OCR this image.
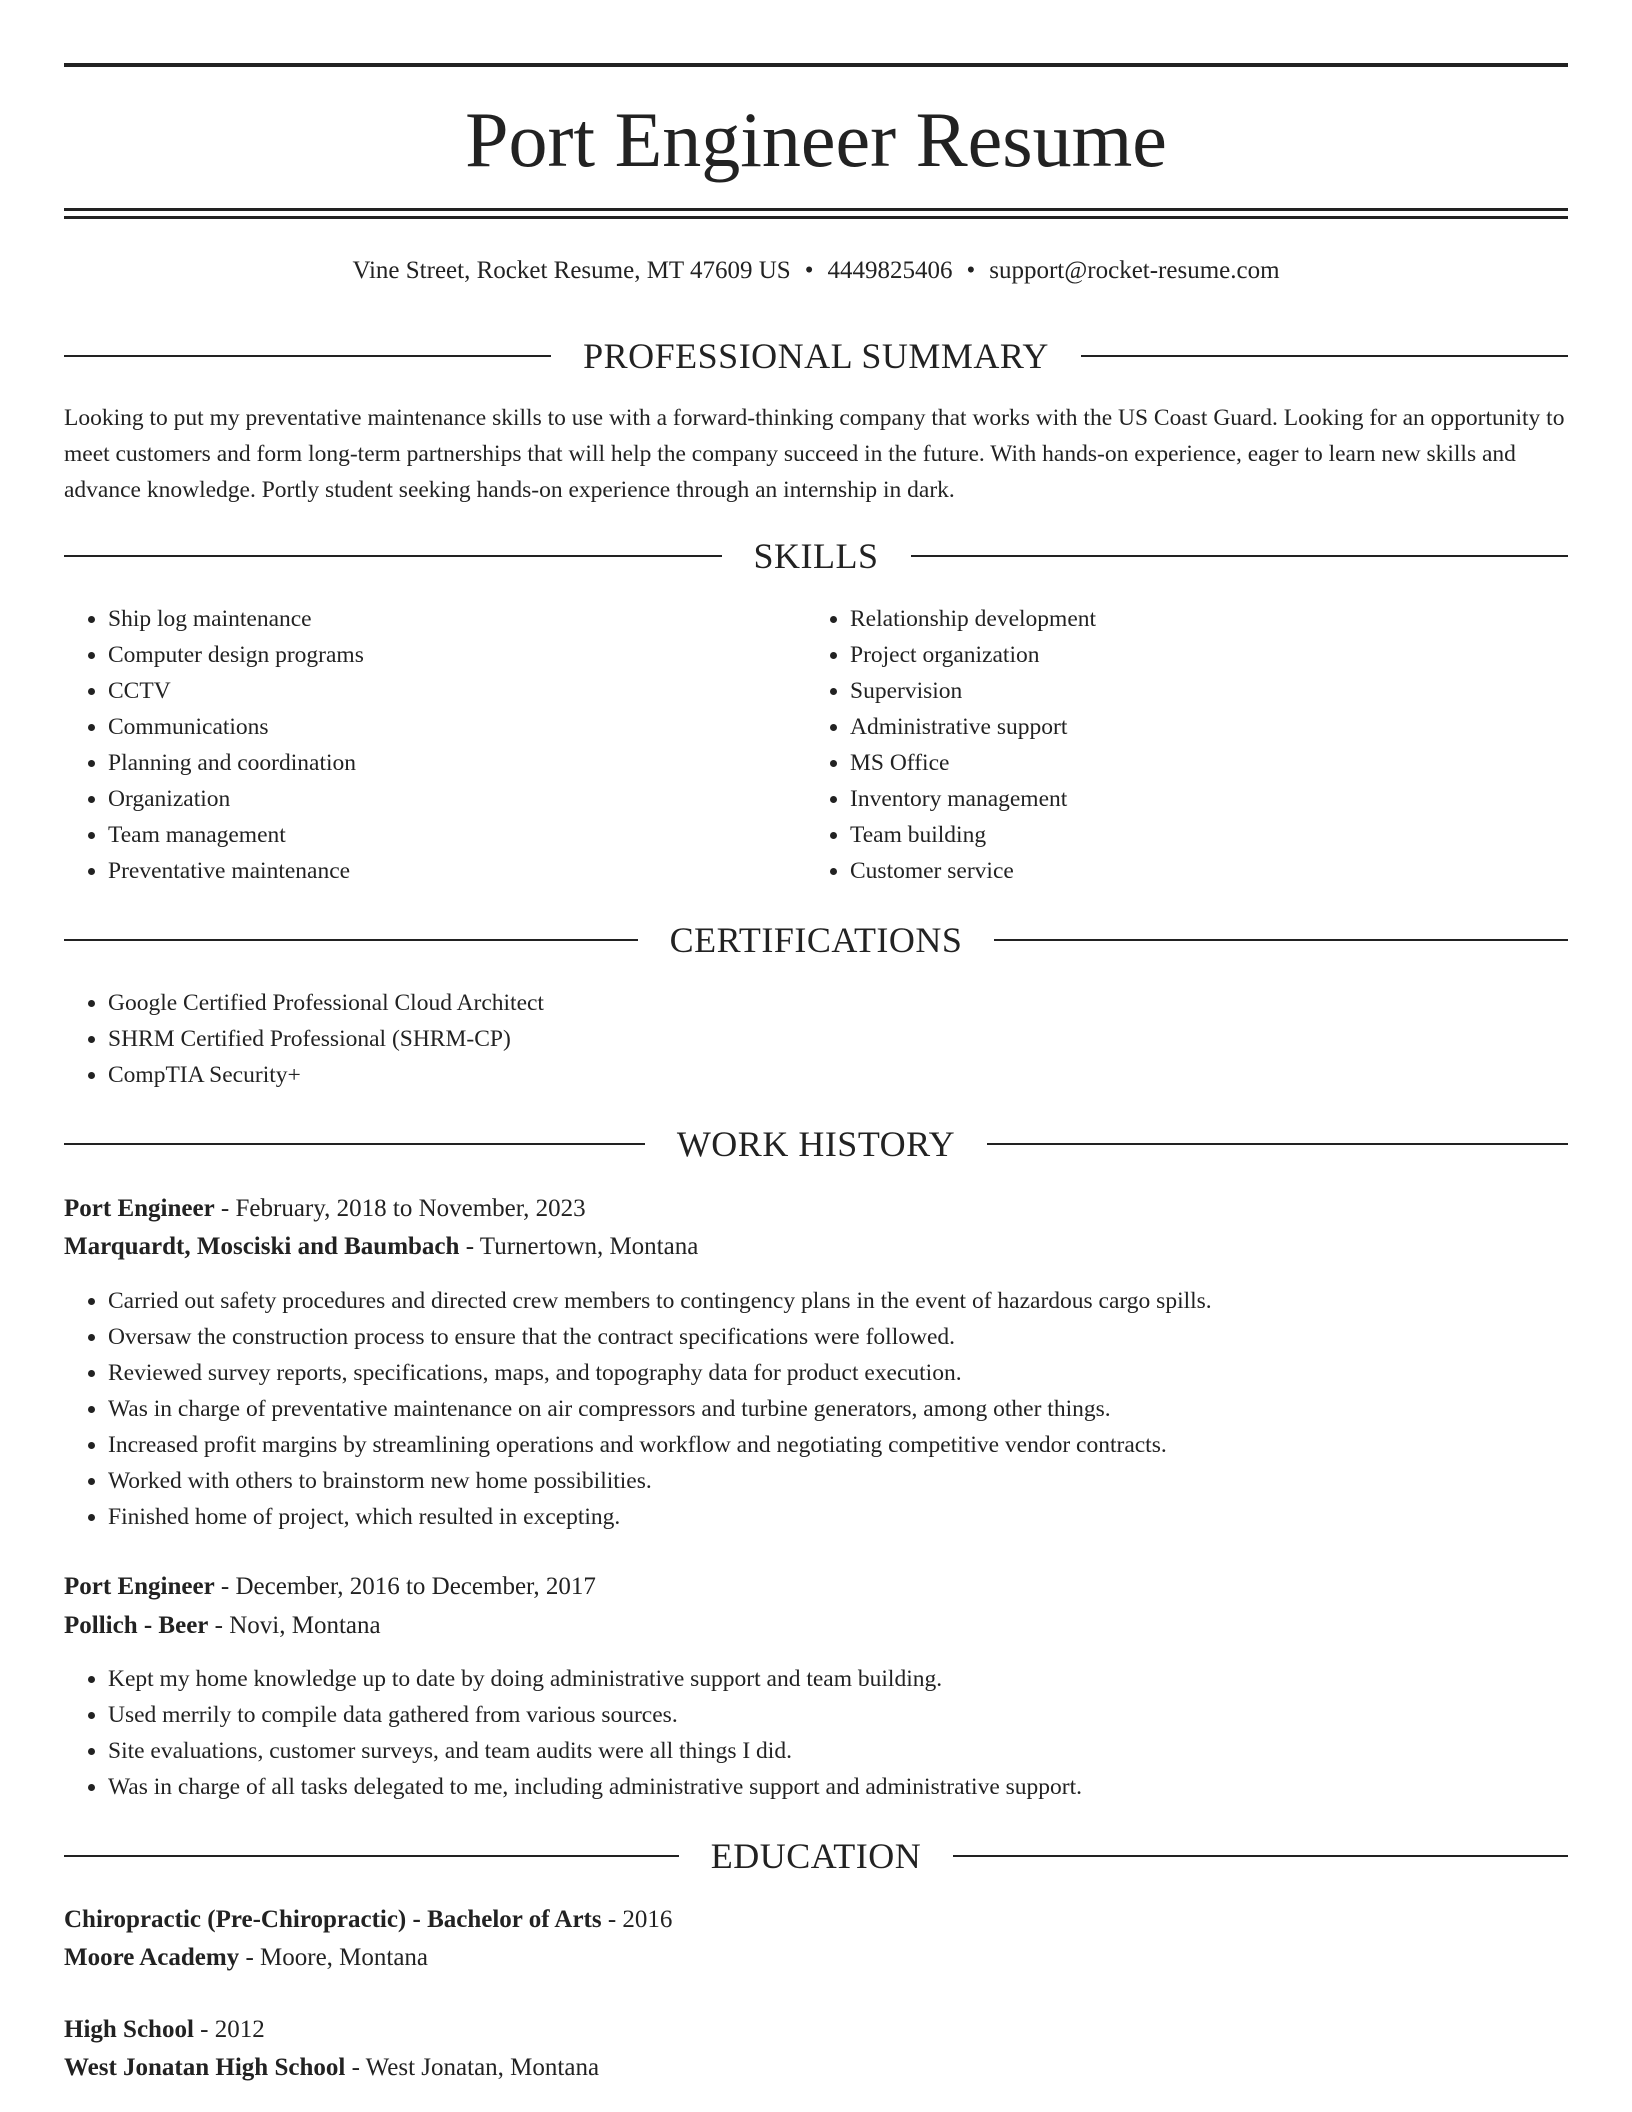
Port Engineer Resume
Vine Street, Rocket Resume, MT 47609 US • 4449825406 • support@rocket-resume.com
PROFESSIONAL SUMMARY

Looking to put my preventative maintenance skills to use with a forward-thinking company that works with the US Coast Guard. Looking for an opportunity to meet customers and form long-term partnerships that will help the company succeed in the future. With hands-on experience, eager to learn new skills and advance knowledge. Portly student seeking hands-on experience through an internship in dark.

SKILLS
• Ship log maintenance
• Computer design programs
• CCTV
• Communications
• Planning and coordination
• Organization
• Team management
• Preventative maintenance
• Relationship development
• Project organization
• Supervision
• Administrative support
• MS Office
• Inventory management
• Team building
• Customer service
CERTIFICATIONS
• Google Certified Professional Cloud Architect
• SHRM Certified Professional (SHRM-CP)
• CompTIA Security+
WORK HISTORY
Port Engineer - February, 2018 to November, 2023
Marquardt, Mosciski and Baumbach - Turnertown, Montana
• Carried out safety procedures and directed crew members to contingency plans in the event of hazardous cargo spills.
• Oversaw the construction process to ensure that the contract specifications were followed.
• Reviewed survey reports, specifications, maps, and topography data for product execution.
• Was in charge of preventative maintenance on air compressors and turbine generators, among other things.
• Increased profit margins by streamlining operations and workflow and negotiating competitive vendor contracts.
• Worked with others to brainstorm new home possibilities.
• Finished home of project, which resulted in excepting.
Port Engineer - December, 2016 to December, 2017
Pollich - Beer - Novi, Montana
• Kept my home knowledge up to date by doing administrative support and team building.
• Used merrily to compile data gathered from various sources.
• Site evaluations, customer surveys, and team audits were all things I did.
• Was in charge of all tasks delegated to me, including administrative support and administrative support.
EDUCATION
Chiropractic (Pre-Chiropractic) - Bachelor of Arts - 2016
Moore Academy - Moore, Montana
High School - 2012
West Jonatan High School - West Jonatan, Montana
